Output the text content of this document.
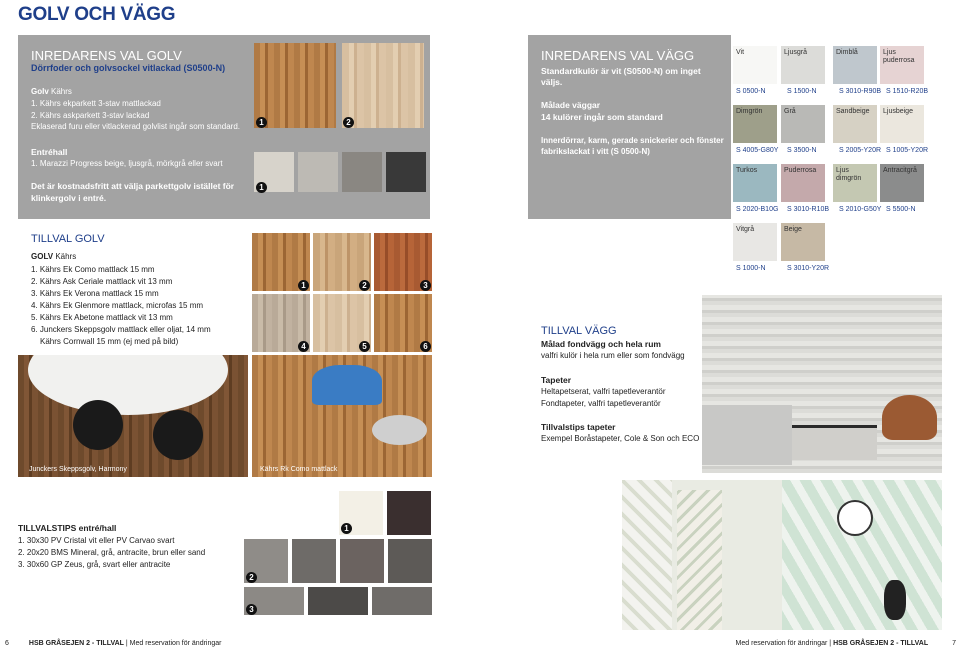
GOLV OCH VÄGG
INREDARENS VAL GOLV
Dörrfoder och golvsockel vitlackad (S0500-N)
Golv Kährs
1. Kährs ekparkett 3-stav mattlackad
2. Kährs askparkett 3-stav lackad
Eklaserad furu eller vitlackerad golvlist ingår som standard.
Entréhall
1. Marazzi Progress beige, ljusgrå, mörkgrå eller svart
Det är kostnadsfritt att välja parkettgolv istället för klinkergolv i entré.
1	2
1
TILLVAL GOLV
GOLV Kährs
1. Kährs Ek Como mattlack 15 mm
2. Kährs Ask Ceriale mattlack vit 13 mm
3. Kährs Ek Verona mattlack 15 mm
4. Kährs Ek Glenmore mattlack, microfas 15 mm
5. Kährs Ek Abetone mattlack vit 13 mm
6. Junckers Skeppsgolv mattlack eller oljat, 14 mm
Kährs Cornwall 15 mm (ej med på bild)
1	2	3
4	5	6
Junckers Skeppsgolv, Harmony	Kährs Rk Como mattlack
TILLVALSTIPS entré/hall
1. 30x30 PV Cristal vit eller PV Carvao svart
2. 20x20 BMS Mineral, grå, antracite, brun eller sand
3. 30x60 GP Zeus, grå, svart eller antracite
1
2
3
INREDARENS VAL VÄGG
Standardkulör är vit (S0500-N) om inget väljs.
Målade väggar
14 kulörer ingår som standard
Innerdörrar, karm, gerade snickerier och fönster fabrikslackat i vitt (S 0500-N)
Vit
S 0500-N
Ljusgrå
S 1500-N
Dimblå
S 3010-R90B
Ljus puderrosa
S 1510-R20B
Dimgrön
S 4005-G80Y
Grå
S 3500-N
Sandbeige
S 2005-Y20R
Ljusbeige
S 1005-Y20R
Turkos
S 2020-B10G
Puderrosa
S 3010-R10B
Ljus dimgrön
S 2010-G50Y
Antracitgrå
S 5500-N
Vitgrå
S 1000-N
Beige
S 3010-Y20R
TILLVAL VÄGG
Målad fondvägg och hela rum
valfri kulör i hela rum eller som fondvägg
Tapeter
Heltapetserat, valfri tapetleverantör
Fondtapeter, valfri tapetleverantör
Tillvalstips tapeter
Exempel Boråstapeter, Cole & Son och ECO
6	HSB GRÅSEJEN 2 - TILLVAL | Med reservation för ändringar	Med reservation för ändringar | HSB GRÅSEJEN 2 - TILLVAL	7
